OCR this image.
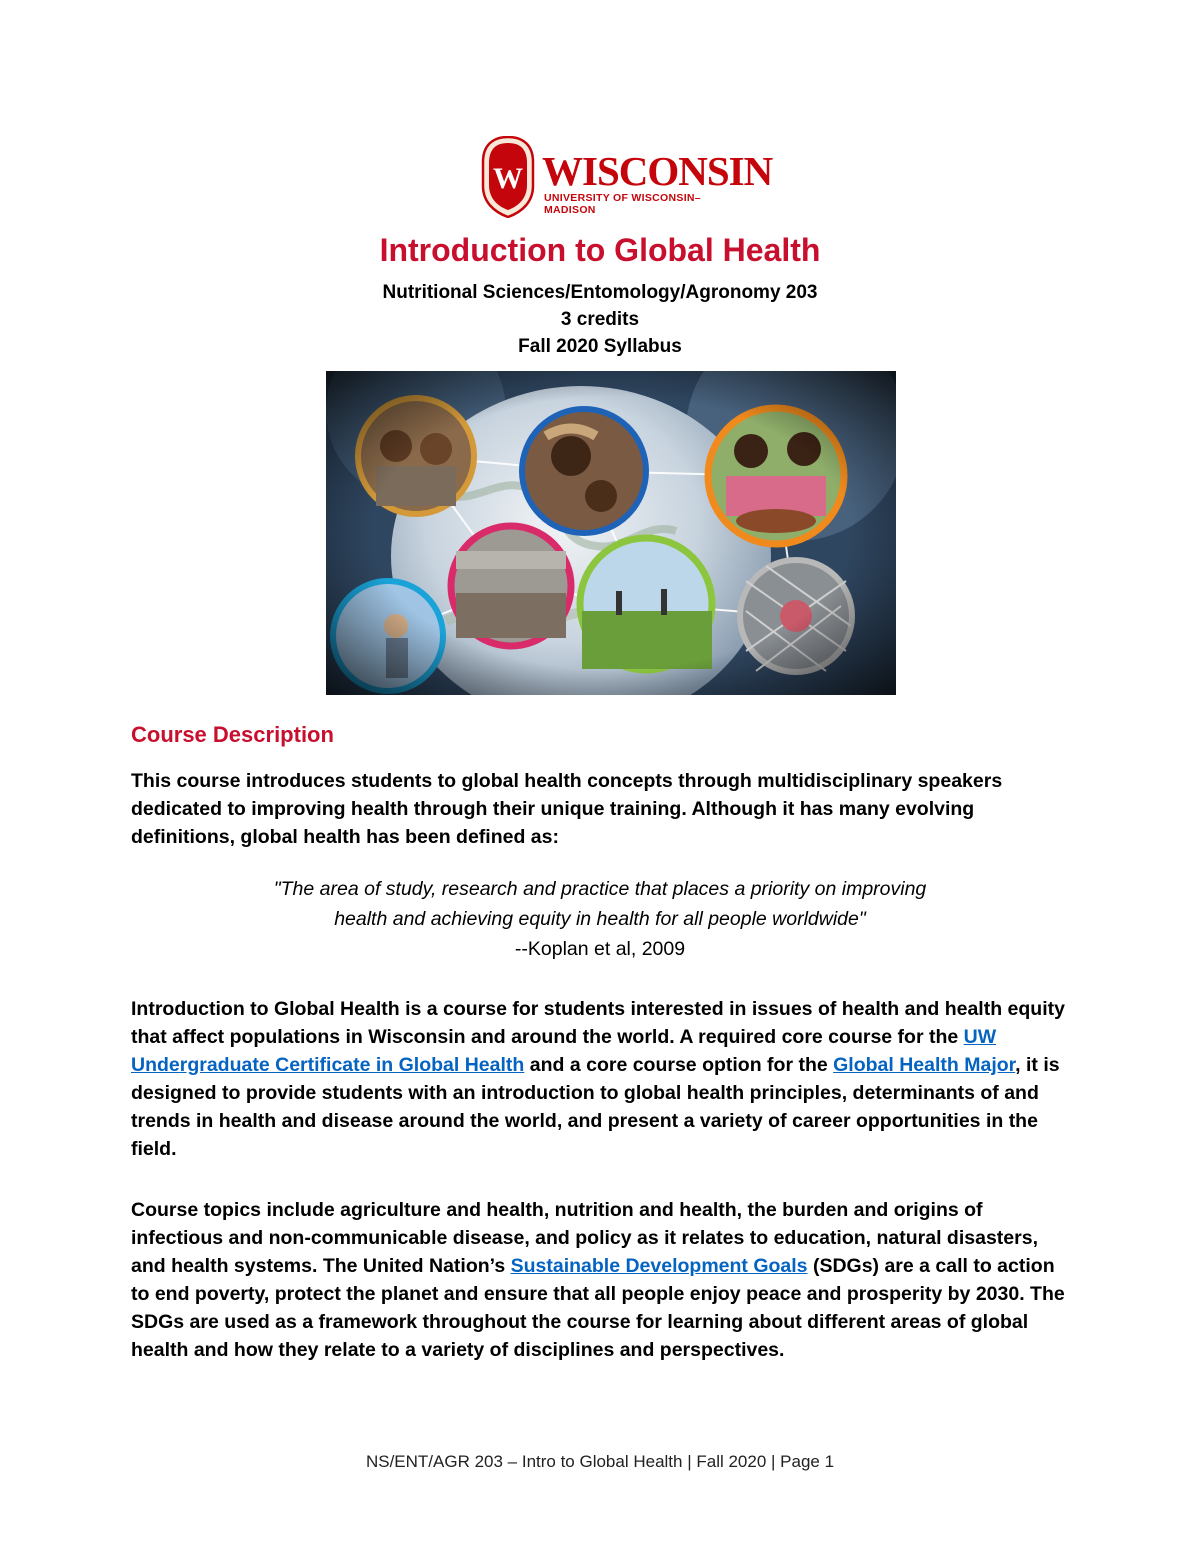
W WISCONSIN
UNIVERSITY OF WISCONSIN–MADISON
Introduction to Global Health

Nutritional Sciences/Entomology/Agronomy 203

3 credits

Fall 2020 Syllabus

Course Description

This course introduces students to global health concepts through multidisciplinary speakers dedicated to improving health through their unique training. Although it has many evolving definitions, global health has been defined as:

"The area of study, research and practice that places a priority on improving

health and achieving equity in health for all people worldwide"

--Koplan et al, 2009

Introduction to Global Health is a course for students interested in issues of health and health equity that affect populations in Wisconsin and around the world. A required core course for the UW Undergraduate Certificate in Global Health and a core course option for the Global Health Major, it is designed to provide students with an introduction to global health principles, determinants of and trends in health and disease around the world, and present a variety of career opportunities in the field.

Course topics include agriculture and health, nutrition and health, the burden and origins of infectious and non-communicable disease, and policy as it relates to education, natural disasters, and health systems. The United Nation’s Sustainable Development Goals (SDGs) are a call to action to end poverty, protect the planet and ensure that all people enjoy peace and prosperity by 2030. The SDGs are used as a framework throughout the course for learning about different areas of global health and how they relate to a variety of disciplines and perspectives.

NS/ENT/AGR 203 – Intro to Global Health | Fall 2020 | Page 1
